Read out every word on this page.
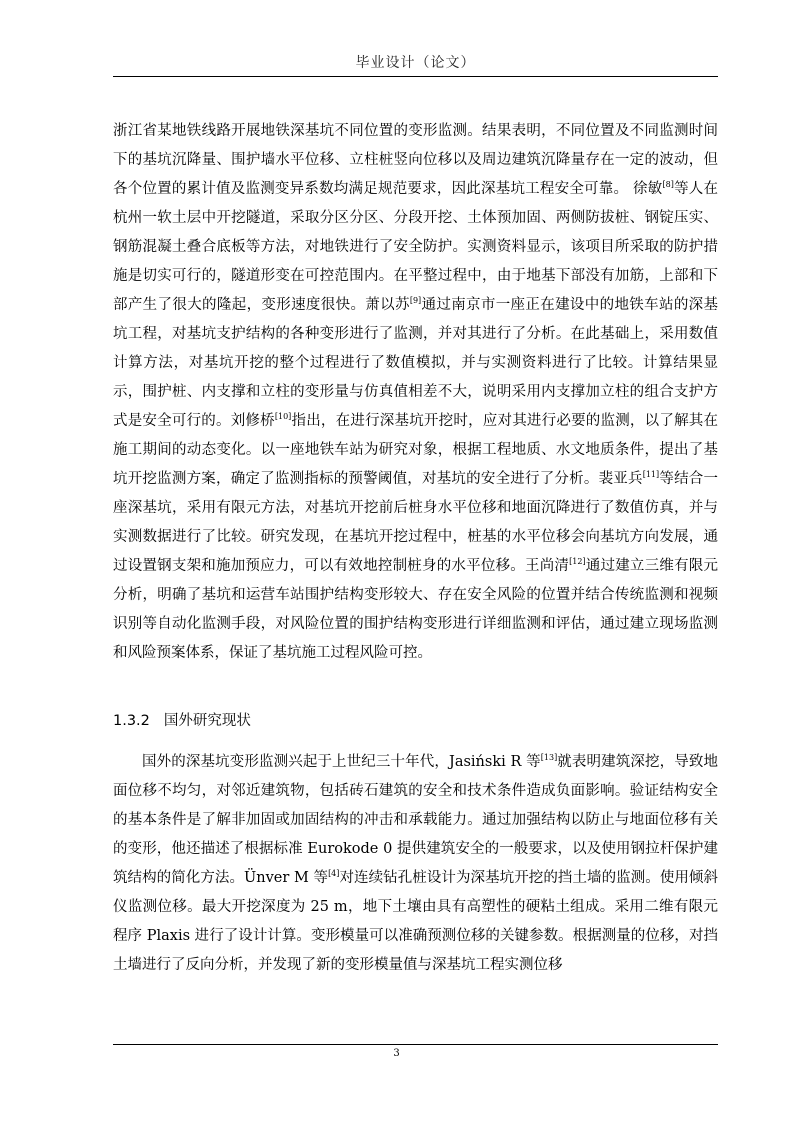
毕业设计（论文）

浙江省某地铁线路开展地铁深基坑不同位置的变形监测。结果表明，不同位置及不同监测时间下的基坑沉降量、围护墙水平位移、立柱桩竖向位移以及周边建筑沉降量存在一定的波动，但各个位置的累计值及监测变异系数均满足规范要求，因此深基坑工程安全可靠。 徐敏[8]等人在杭州一软土层中开挖隧道，采取分区分区、分段开挖、土体预加固、两侧防拔桩、钢锭压实、钢筋混凝土叠合底板等方法，对地铁进行了安全防护。实测资料显示，该项目所采取的防护措施是切实可行的，隧道形变在可控范围内。在平整过程中，由于地基下部没有加筋，上部和下部产生了很大的隆起，变形速度很快。萧以苏[9]通过南京市一座正在建设中的地铁车站的深基坑工程，对基坑支护结构的各种变形进行了监测，并对其进行了分析。在此基础上，采用数值计算方法，对基坑开挖的整个过程进行了数值模拟，并与实测资料进行了比较。计算结果显示，围护桩、内支撑和立柱的变形量与仿真值相差不大，说明采用内支撑加立柱的组合支护方式是安全可行的。刘修桥[10]指出，在进行深基坑开挖时，应对其进行必要的监测，以了解其在施工期间的动态变化。以一座地铁车站为研究对象，根据工程地质、水文地质条件，提出了基坑开挖监测方案，确定了监测指标的预警阈值，对基坑的安全进行了分析。裴亚兵[11]等结合一座深基坑，采用有限元方法，对基坑开挖前后桩身水平位移和地面沉降进行了数值仿真，并与实测数据进行了比较。研究发现，在基坑开挖过程中，桩基的水平位移会向基坑方向发展，通过设置钢支架和施加预应力，可以有效地控制桩身的水平位移。王尚清[12]通过建立三维有限元分析，明确了基坑和运营车站围护结构变形较大、存在安全风险的位置并结合传统监测和视频识别等自动化监测手段，对风险位置的围护结构变形进行详细监测和评估，通过建立现场监测和风险预案体系，保证了基坑施工过程风险可控。

1.3.2 国外研究现状

国外的深基坑变形监测兴起于上世纪三十年代，Jasiński R 等[13]就表明建筑深挖，导致地面位移不均匀，对邻近建筑物，包括砖石建筑的安全和技术条件造成负面影响。验证结构安全的基本条件是了解非加固或加固结构的冲击和承载能力。通过加强结构以防止与地面位移有关的变形，他还描述了根据标准 Eurokode 0 提供建筑安全的一般要求，以及使用钢拉杆保护建筑结构的简化方法。Ünver M 等[4]对连续钻孔桩设计为深基坑开挖的挡土墙的监测。使用倾斜仪监测位移。最大开挖深度为 25 m，地下土壤由具有高塑性的硬粘土组成。采用二维有限元程序 Plaxis 进行了设计计算。变形模量可以准确预测位移的关键参数。根据测量的位移，对挡土墙进行了反向分析，并发现了新的变形模量值与深基坑工程实测位移

3
